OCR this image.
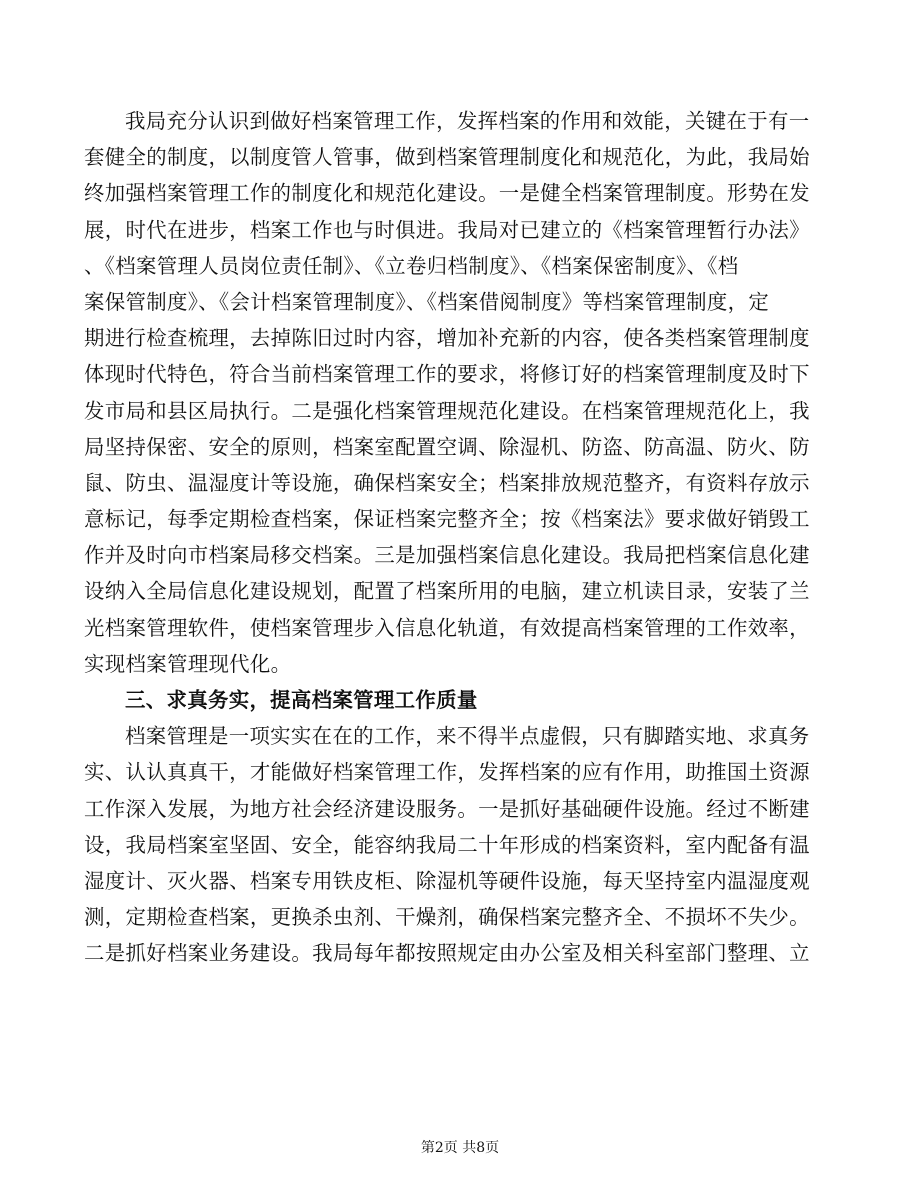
我局充分认识到做好档案管理工作，发挥档案的作用和效能，关键在于有一
套健全的制度，以制度管人管事，做到档案管理制度化和规范化，为此，我局始
终加强档案管理工作的制度化和规范化建设。一是健全档案管理制度。形势在发
展，时代在进步，档案工作也与时俱进。我局对已建立的《档案管理暂行办法》
、《档案管理人员岗位责任制》、《立卷归档制度》、《档案保密制度》、《档
案保管制度》、《会计档案管理制度》、《档案借阅制度》等档案管理制度，定
期进行检查梳理，去掉陈旧过时内容，增加补充新的内容，使各类档案管理制度
体现时代特色，符合当前档案管理工作的要求，将修订好的档案管理制度及时下
发市局和县区局执行。二是强化档案管理规范化建设。在档案管理规范化上，我
局坚持保密、安全的原则，档案室配置空调、除湿机、防盗、防高温、防火、防
鼠、防虫、温湿度计等设施，确保档案安全；档案排放规范整齐，有资料存放示
意标记，每季定期检查档案，保证档案完整齐全；按《档案法》要求做好销毁工
作并及时向市档案局移交档案。三是加强档案信息化建设。我局把档案信息化建
设纳入全局信息化建设规划，配置了档案所用的电脑，建立机读目录，安装了兰
光档案管理软件，使档案管理步入信息化轨道，有效提高档案管理的工作效率，
实现档案管理现代化。
三、求真务实，提高档案管理工作质量
档案管理是一项实实在在的工作，来不得半点虚假，只有脚踏实地、求真务
实、认认真真干，才能做好档案管理工作，发挥档案的应有作用，助推国土资源
工作深入发展，为地方社会经济建设服务。一是抓好基础硬件设施。经过不断建
设，我局档案室坚固、安全，能容纳我局二十年形成的档案资料，室内配备有温
湿度计、灭火器、档案专用铁皮柜、除湿机等硬件设施，每天坚持室内温湿度观
测，定期检查档案，更换杀虫剂、干燥剂，确保档案完整齐全、不损坏不失少。
二是抓好档案业务建设。我局每年都按照规定由办公室及相关科室部门整理、立
第2页 共8页
